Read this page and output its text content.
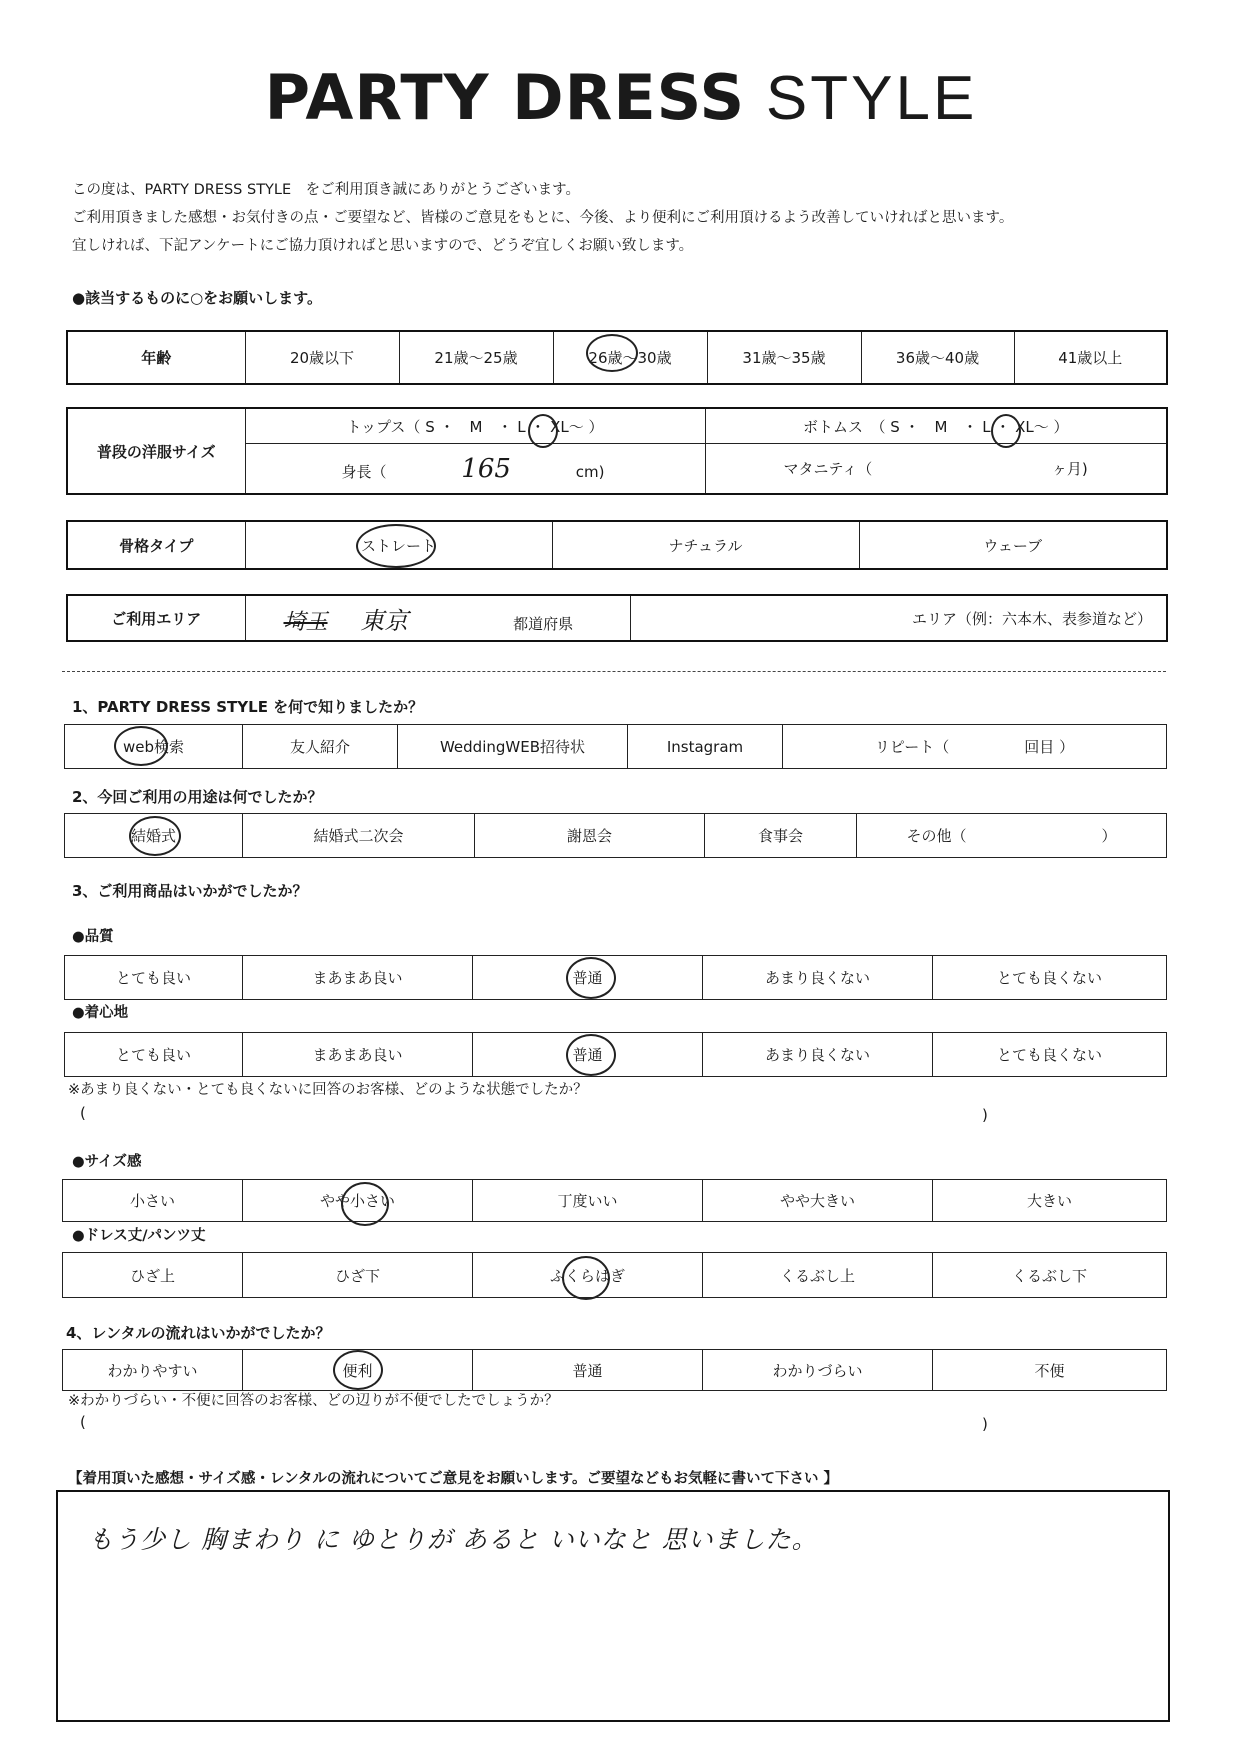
PARTY DRESS STYLE
この度は、PARTY DRESS STYLE　をご利用頂き誠にありがとうございます。
ご利用頂きました感想・お気付きの点・ご要望など、皆様のご意見をもとに、今後、より便利にご利用頂けるよう改善していければと思います。
宜しければ、下記アンケートにご協力頂ければと思いますので、どうぞ宜しくお願い致します。
●該当するものに○をお願いします。
年齢	20歳以下	21歳～25歳	26歳～30歳	31歳～35歳	36歳～40歳	41歳以上
普段の洋服サイズ	トップス（ S ・　M　・ L ・ XL～ ）	ボトムス　（ S ・　M　・ L ・ XL～ ）
	身長（ 165 cm)	マタニティ（ ヶ月)
骨格タイプ	ストレート	ナチュラル	ウェーブ
ご利用エリア	埼玉 東京	都道府県	エリア（例：六本木、表参道など）
1、PARTY DRESS STYLE を何で知りましたか？
web検索	友人紹介	WeddingWEB招待状	Instagram	リピート（　　　　　回目 ）
2、今回ご利用の用途は何でしたか？
結婚式	結婚式二次会	謝恩会	食事会	その他（　　　　　　　　　）
3、ご利用商品はいかがでしたか？
●品質
とても良い	まあまあ良い	普通	あまり良くない	とても良くない
●着心地
とても良い	まあまあ良い	普通	あまり良くない	とても良くない
※あまり良くない・とても良くないに回答のお客様、どのような状態でしたか？
(	)
●サイズ感
小さい	やや小さい	丁度いい	やや大きい	大きい
●ドレス丈/パンツ丈
ひざ上	ひざ下	ふくらはぎ	くるぶし上	くるぶし下
4、レンタルの流れはいかがでしたか？
わかりやすい	便利	普通	わかりづらい	不便
※わかりづらい・不便に回答のお客様、どの辺りが不便でしたでしょうか？
(	)
【着用頂いた感想・サイズ感・レンタルの流れについてご意見をお願いします。ご要望などもお気軽に書いて下さい 】
もう少し 胸まわり に ゆとりが あると いいなと 思いました。
